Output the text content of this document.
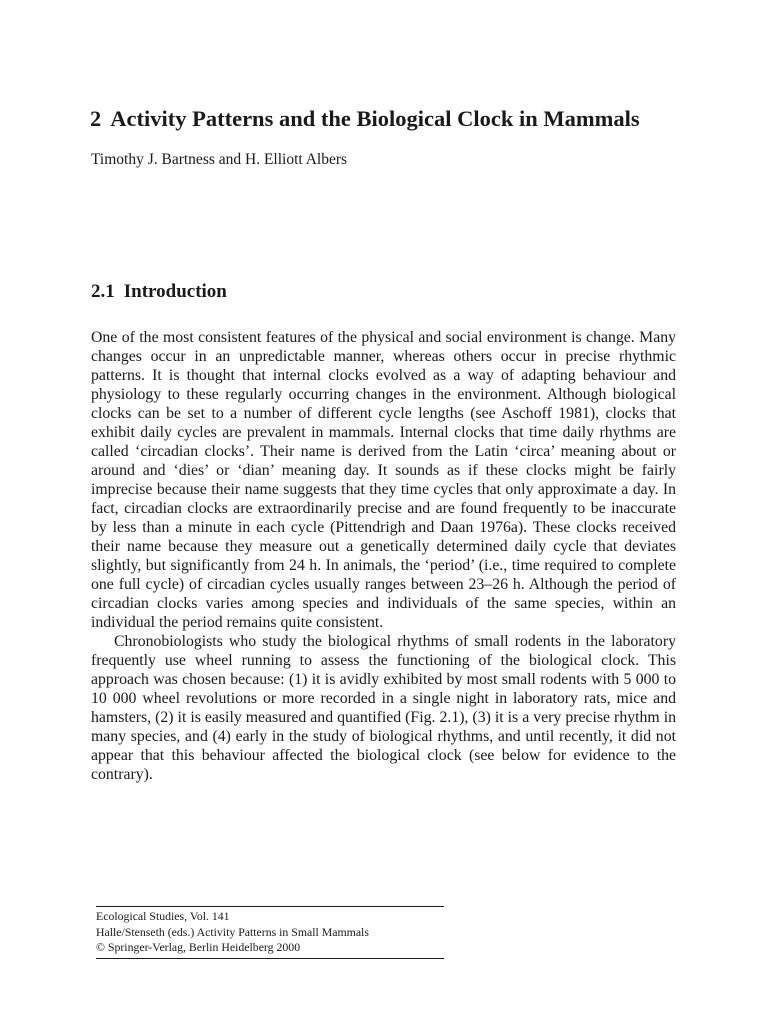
2 Activity Patterns and the Biological Clock in Mammals
Timothy J. Bartness and H. Elliott Albers
2.1 Introduction

One of the most consistent features of the physical and social environment is change. Many changes occur in an unpredictable manner, whereas others occur in precise rhythmic patterns. It is thought that internal clocks evolved as a way of adapting behaviour and physiology to these regularly occurring changes in the environment. Although biological clocks can be set to a number of different cycle lengths (see Aschoff 1981), clocks that exhibit daily cycles are prevalent in mammals. Internal clocks that time daily rhythms are called ‘circadian clocks’. Their name is derived from the Latin ‘circa’ meaning about or around and ‘dies’ or ‘dian’ meaning day. It sounds as if these clocks might be fairly imprecise because their name suggests that they time cycles that only approximate a day. In fact, circadian clocks are extraordinarily precise and are found frequently to be inaccurate by less than a minute in each cycle (Pittendrigh and Daan 1976a). These clocks received their name because they measure out a genetically determined daily cycle that deviates slightly, but significantly from 24 h. In animals, the ‘period’ (i.e., time required to complete one full cycle) of circadian cycles usually ranges between 23–26 h. Although the period of circadian clocks varies among species and individuals of the same species, within an individual the period remains quite consistent.

Chronobiologists who study the biological rhythms of small rodents in the laboratory frequently use wheel running to assess the functioning of the biological clock. This approach was chosen because: (1) it is avidly exhibited by most small rodents with 5 000 to 10 000 wheel revolutions or more recorded in a single night in laboratory rats, mice and hamsters, (2) it is easily measured and quantified (Fig. 2.1), (3) it is a very precise rhythm in many species, and (4) early in the study of biological rhythms, and until recently, it did not appear that this behaviour affected the biological clock (see below for evidence to the contrary).

Ecological Studies, Vol. 141
Halle/Stenseth (eds.) Activity Patterns in Small Mammals
© Springer-Verlag, Berlin Heidelberg 2000
